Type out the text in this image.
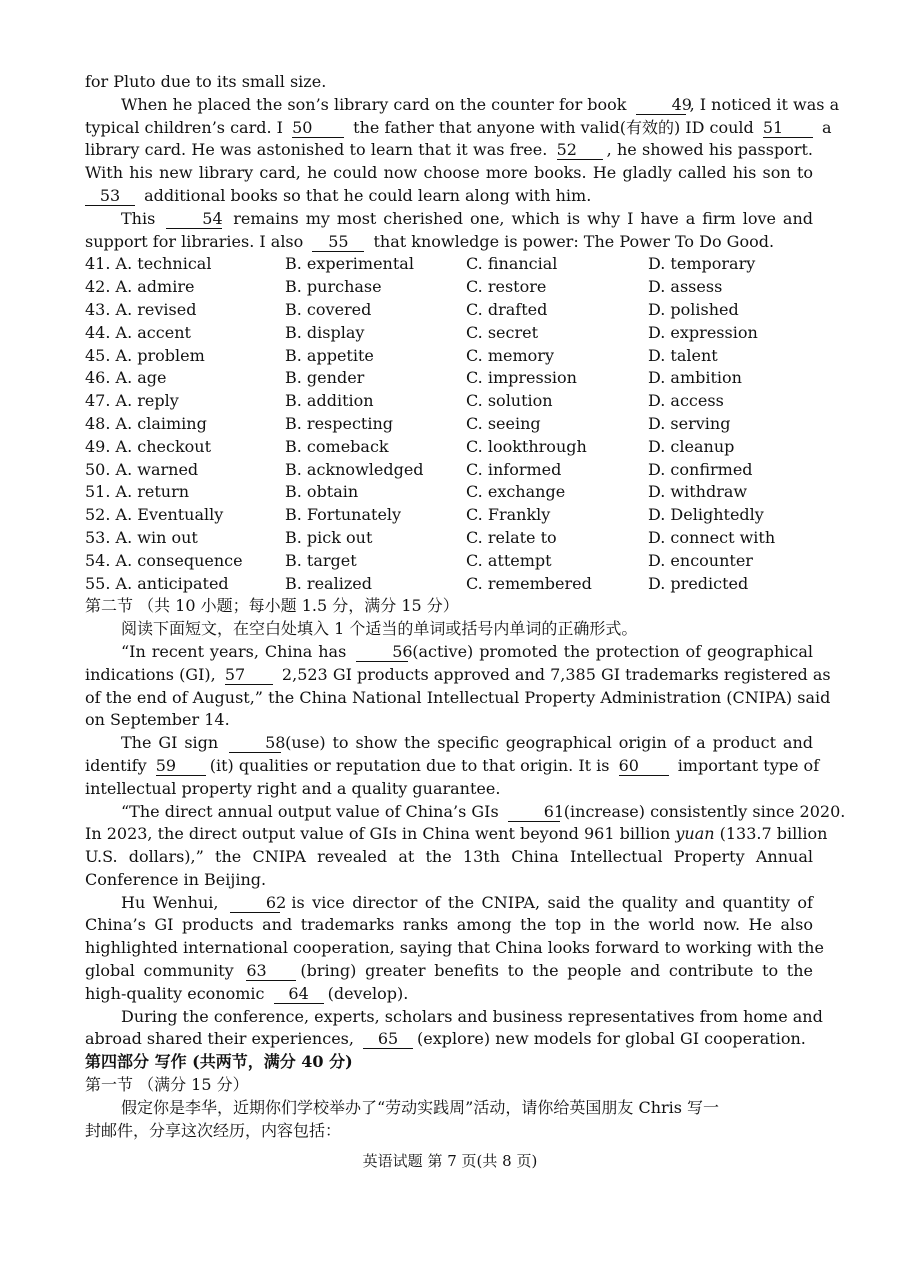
for Pluto due to its small size.
When he placed the son’s library card on the counter for book	49, I noticed it was a
typical children’s card. I 50	the father that anyone with valid(有效的) ID could 51 a
library card. He was astonished to learn that it was free. 52 , he showed his passport.
With his new library card, he could now choose more books. He gladly called his son to
53 additional books so that he could learn along with him.
This	54 remains my most cherished one, which is why I have a firm love and
support for libraries. I also 55 that knowledge is power: The Power To Do Good.
41. A. technical	B. experimental	C. financial	D. temporary
42. A. admire	B. purchase	C. restore	D. assess
43. A. revised	B. covered	C. drafted	D. polished
44. A. accent	B. display	C. secret	D. expression
45. A. problem	B. appetite	C. memory	D. talent
46. A. age	B. gender	C. impression	D. ambition
47. A. reply	B. addition	C. solution	D. access
48. A. claiming	B. respecting	C. seeing	D. serving
49. A. checkout	B. comeback	C. lookthrough	D. cleanup
50. A. warned	B. acknowledged	C. informed	D. confirmed
51. A. return	B. obtain	C. exchange	D. withdraw
52. A. Eventually	B. Fortunately	C. Frankly	D. Delightedly
53. A. win out	B. pick out	C. relate to	D. connect with
54. A. consequence	B. target	C. attempt	D. encounter
55. A. anticipated	B. realized	C. remembered	D. predicted
第二节 （共 10 小题；每小题 1.5 分，满分 15 分）
阅读下面短文，在空白处填入 1 个适当的单词或括号内单词的正确形式。
“In recent years, China has	56(active) promoted the protection of geographical
indications (GI), 57 2,523 GI products approved and 7,385 GI trademarks registered as
of the end of August,” the China National Intellectual Property Administration (CNIPA) said
on September 14.
The GI sign	58(use) to show the specific geographical origin of a product and
identify 59 (it) qualities or reputation due to that origin. It is 60 important type of
intellectual property right and a quality guarantee.
“The direct annual output value of China’s GIs	61(increase) consistently since 2020.
In 2023, the direct output value of GIs in China went beyond 961 billion yuan (133.7 billion
U.S. dollars),” the CNIPA revealed at the 13th China Intellectual Property Annual
Conference in Beijing.
Hu Wenhui,	62 is vice director of the CNIPA, said the quality and quantity of
China’s GI products and trademarks ranks among the top in the world now. He also
highlighted international cooperation, saying that China looks forward to working with the
global community 63 (bring) greater benefits to the people and contribute to the
high-quality economic 64 (develop).
During the conference, experts, scholars and business representatives from home and
abroad shared their experiences, 65 (explore) new models for global GI cooperation.
第四部分 写作 (共两节，满分 40 分)
第一节 （满分 15 分）
假定你是李华，近期你们学校举办了“劳动实践周”活动，请你给英国朋友 Chris 写一
封邮件，分享这次经历，内容包括：
英语试题 第 7 页(共 8 页)
